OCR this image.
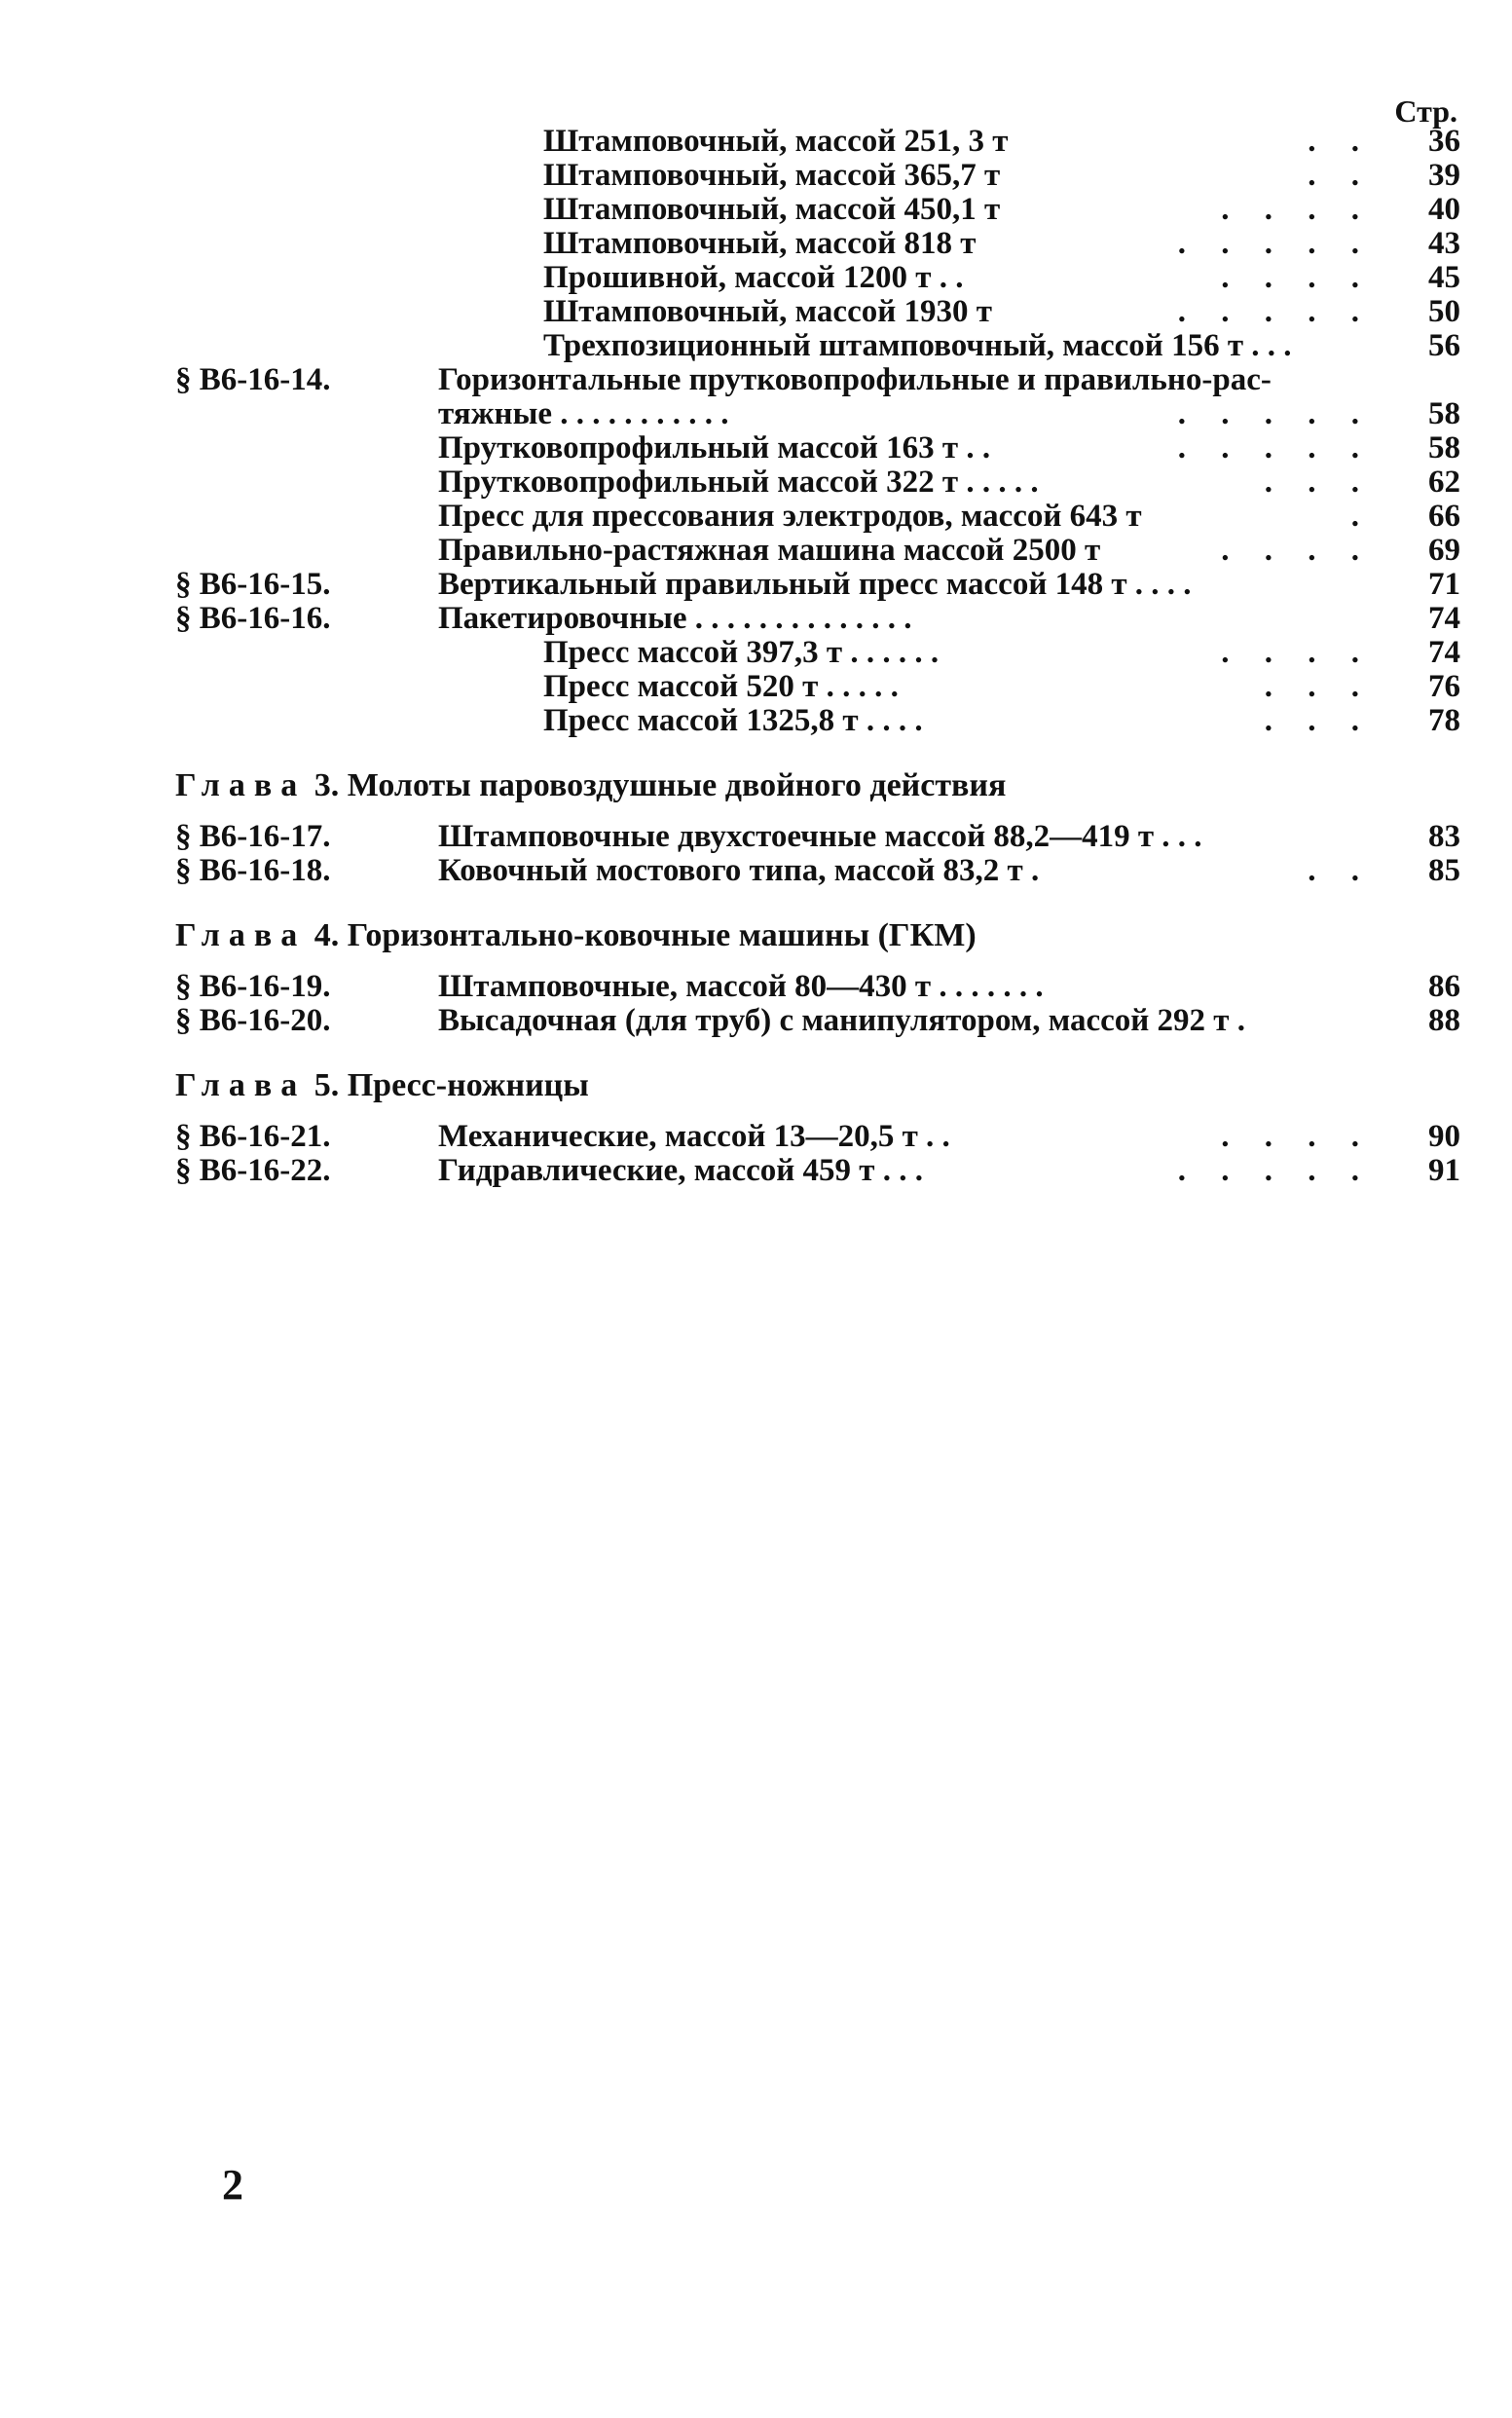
Стр.
Штамповочный, массой 251, 3 т	. .	36
Штамповочный, массой 365,7 т	. .	39
Штамповочный, массой 450,1 т	. . . .	40
Штамповочный, массой 818 т	. . . . .	43
Прошивной, массой 1200 т . .	. . . .	45
Штамповочный, массой 1930 т	. . . . .	50
Трехпозиционный штамповочный, массой 156 т . . .	56
§ В6-16-14.	Горизонтальные прутковопрофильные и правильно-рас-
тяжные . . . . . . . . . . .	. . . . .	58
Прутковопрофильный массой 163 т . .	. . . . .	58
Прутковопрофильный массой 322 т . . . . .	. . .	62
Пресс для прессования электродов, массой 643 т	.	66
Правильно-растяжная машина массой 2500 т	. . . .	69
§ В6-16-15.	Вертикальный правильный пресс массой 148 т . . . .	71
§ В6-16-16.	Пакетировочные . . . . . . . . . . . . . .	74
Пресс массой 397,3 т . . . . . .	. . . .	74
Пресс массой 520 т . . . . .	. . .	76
Пресс массой 1325,8 т . . . .	. . .	78
Глава 3. Молоты паровоздушные двойного действия
§ В6-16-17.	Штамповочные двухстоечные массой 88,2—419 т . . .	83
§ В6-16-18.	Ковочный мостового типа, массой 83,2 т .	. .	85
Глава 4. Горизонтально-ковочные машины (ГКМ)
§ В6-16-19.	Штамповочные, массой 80—430 т . . . . . . .	86
§ В6-16-20.	Высадочная (для труб) с манипулятором, массой 292 т .	88
Глава 5. Пресс-ножницы
§ В6-16-21.	Механические, массой 13—20,5 т . .	. . . .	90
§ В6-16-22.	Гидравлические, массой 459 т . . .	. . . . .	91
2
